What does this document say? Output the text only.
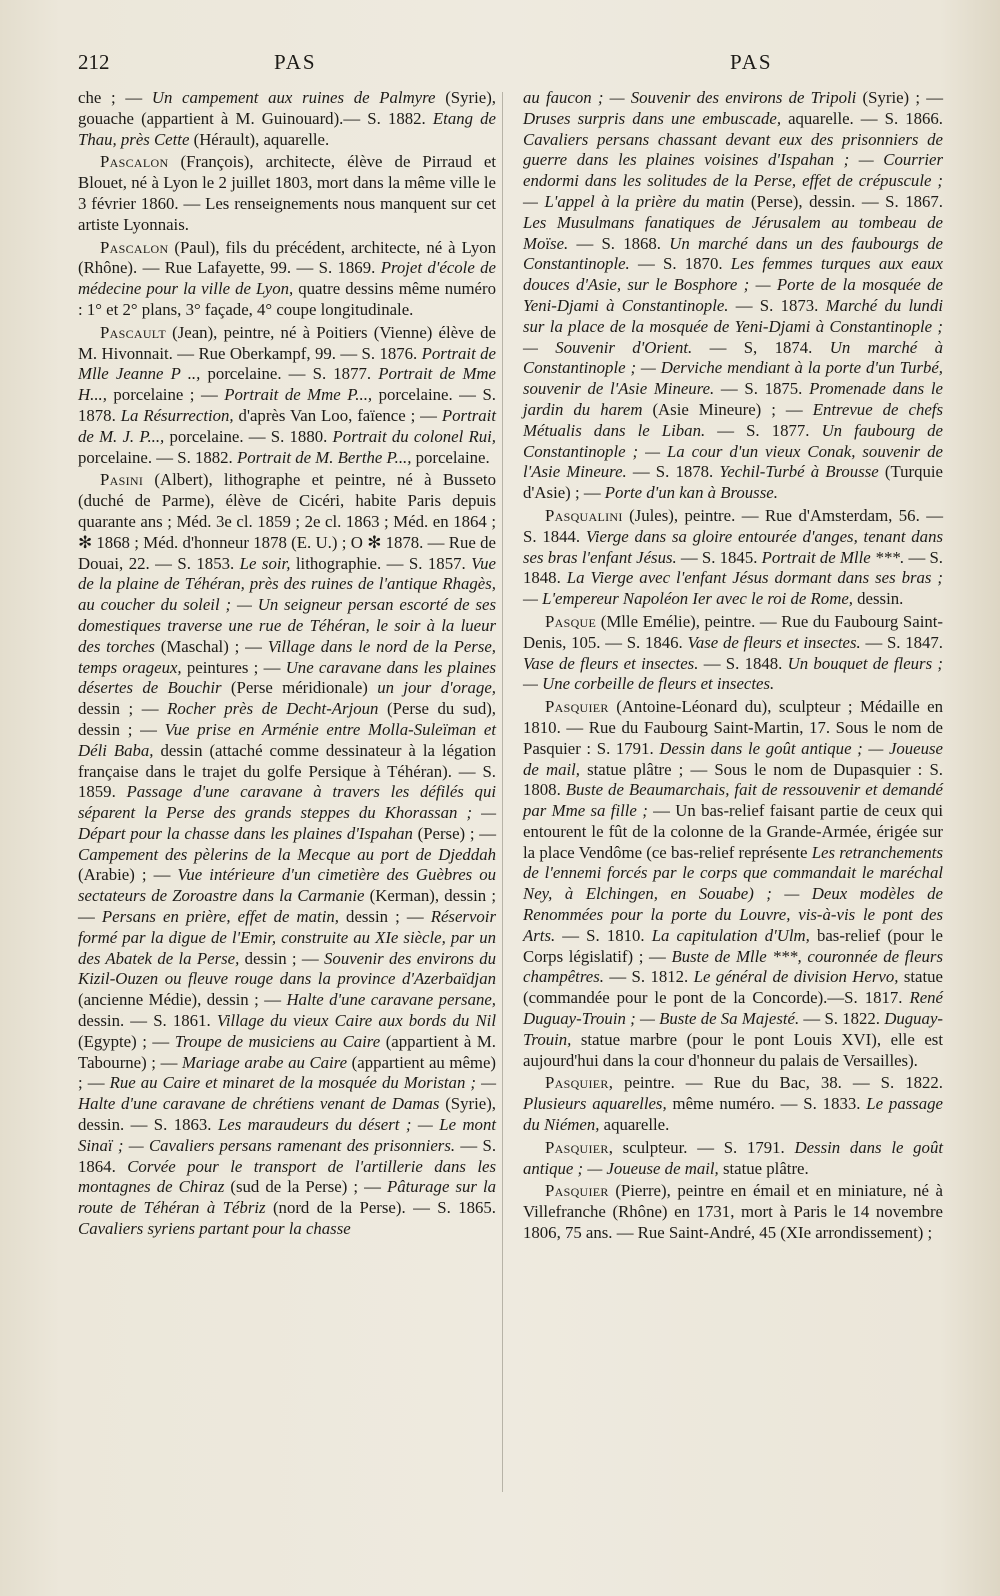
212	PAS	PAS

che ; — Un campement aux ruines de Palmyre (Syrie), gouache (appartient à M. Guinouard).— S. 1882. Etang de Thau, près Cette (Hérault), aquarelle.

Pascalon (François), architecte, élève de Pirraud et Blouet, né à Lyon le 2 juillet 1803, mort dans la même ville le 3 février 1860. — Les renseignements nous manquent sur cet artiste Lyonnais.

Pascalon (Paul), fils du précédent, architecte, né à Lyon (Rhône). — Rue Lafayette, 99. — S. 1869. Projet d'école de médecine pour la ville de Lyon, quatre dessins même numéro : 1° et 2° plans, 3° façade, 4° coupe longitudinale.

Pascault (Jean), peintre, né à Poitiers (Vienne) élève de M. Hivonnait. — Rue Oberkampf, 99. — S. 1876. Portrait de Mlle Jeanne P .., porcelaine. — S. 1877. Portrait de Mme H..., porcelaine ; — Portrait de Mme P..., porcelaine. — S. 1878. La Résurrection, d'après Van Loo, faïence ; — Portrait de M. J. P..., porcelaine. — S. 1880. Portrait du colonel Rui, porcelaine. — S. 1882. Portrait de M. Berthe P..., porcelaine.

Pasini (Albert), lithographe et peintre, né à Busseto (duché de Parme), élève de Cicéri, habite Paris depuis quarante ans ; Méd. 3e cl. 1859 ; 2e cl. 1863 ; Méd. en 1864 ; ✻ 1868 ; Méd. d'honneur 1878 (E. U.) ; O ✻ 1878. — Rue de Douai, 22. — S. 1853. Le soir, lithographie. — S. 1857. Vue de la plaine de Téhéran, près des ruines de l'antique Rhagès, au coucher du soleil ; — Un seigneur persan escorté de ses domestiques traverse une rue de Téhéran, le soir à la lueur des torches (Maschal) ; — Village dans le nord de la Perse, temps orageux, peintures ; — Une caravane dans les plaines désertes de Bouchir (Perse méridionale) un jour d'orage, dessin ; — Rocher près de Decht-Arjoun (Perse du sud), dessin ; — Vue prise en Arménie entre Molla-Suleïman et Déli Baba, dessin (attaché comme dessinateur à la légation française dans le trajet du golfe Persique à Téhéran). — S. 1859. Passage d'une caravane à travers les défilés qui séparent la Perse des grands steppes du Khorassan ; — Départ pour la chasse dans les plaines d'Ispahan (Perse) ; — Campement des pèlerins de la Mecque au port de Djeddah (Arabie) ; — Vue intérieure d'un cimetière des Guèbres ou sectateurs de Zoroastre dans la Carmanie (Kerman), dessin ; — Persans en prière, effet de matin, dessin ; — Réservoir formé par la digue de l'Emir, construite au XIe siècle, par un des Abatek de la Perse, dessin ; — Souvenir des environs du Kizil-Ouzen ou fleuve rouge dans la province d'Azerbaïdjan (ancienne Médie), dessin ; — Halte d'une caravane persane, dessin. — S. 1861. Village du vieux Caire aux bords du Nil (Egypte) ; — Troupe de musiciens au Caire (appartient à M. Tabourne) ; — Mariage arabe au Caire (appartient au même) ; — Rue au Caire et minaret de la mosquée du Moristan ; — Halte d'une caravane de chrétiens venant de Damas (Syrie), dessin. — S. 1863. Les maraudeurs du désert ; — Le mont Sinaï ; — Cavaliers persans ramenant des prisonniers. — S. 1864. Corvée pour le transport de l'artillerie dans les montagnes de Chiraz (sud de la Perse) ; — Pâturage sur la route de Téhéran à Tébriz (nord de la Perse). — S. 1865. Cavaliers syriens partant pour la chasse

au faucon ; — Souvenir des environs de Tripoli (Syrie) ; — Druses surpris dans une embuscade, aquarelle. — S. 1866. Cavaliers persans chassant devant eux des prisonniers de guerre dans les plaines voisines d'Ispahan ; — Courrier endormi dans les solitudes de la Perse, effet de crépuscule ; — L'appel à la prière du matin (Perse), dessin. — S. 1867. Les Musulmans fanatiques de Jérusalem au tombeau de Moïse. — S. 1868. Un marché dans un des faubourgs de Constantinople. — S. 1870. Les femmes turques aux eaux douces d'Asie, sur le Bosphore ; — Porte de la mosquée de Yeni-Djami à Constantinople. — S. 1873. Marché du lundi sur la place de la mosquée de Yeni-Djami à Constantinople ; — Souvenir d'Orient. — S, 1874. Un marché à Constantinople ; — Derviche mendiant à la porte d'un Turbé, souvenir de l'Asie Mineure. — S. 1875. Promenade dans le jardin du harem (Asie Mineure) ; — Entrevue de chefs Métualis dans le Liban. — S. 1877. Un faubourg de Constantinople ; — La cour d'un vieux Conak, souvenir de l'Asie Mineure. — S. 1878. Yechil-Turbé à Brousse (Turquie d'Asie) ; — Porte d'un kan à Brousse.

Pasqualini (Jules), peintre. — Rue d'Amsterdam, 56. — S. 1844. Vierge dans sa gloire entourée d'anges, tenant dans ses bras l'enfant Jésus. — S. 1845. Portrait de Mlle ***. — S. 1848. La Vierge avec l'enfant Jésus dormant dans ses bras ; — L'empereur Napoléon Ier avec le roi de Rome, dessin.

Pasque (Mlle Emélie), peintre. — Rue du Faubourg Saint-Denis, 105. — S. 1846. Vase de fleurs et insectes. — S. 1847. Vase de fleurs et insectes. — S. 1848. Un bouquet de fleurs ; — Une corbeille de fleurs et insectes.

Pasquier (Antoine-Léonard du), sculpteur ; Médaille en 1810. — Rue du Faubourg Saint-Martin, 17. Sous le nom de Pasquier : S. 1791. Dessin dans le goût antique ; — Joueuse de mail, statue plâtre ; — Sous le nom de Dupasquier : S. 1808. Buste de Beaumarchais, fait de ressouvenir et demandé par Mme sa fille ; — Un bas-relief faisant partie de ceux qui entourent le fût de la colonne de la Grande-Armée, érigée sur la place Vendôme (ce bas-relief représente Les retranchements de l'ennemi forcés par le corps que commandait le maréchal Ney, à Elchingen, en Souabe) ; — Deux modèles de Renommées pour la porte du Louvre, vis-à-vis le pont des Arts. — S. 1810. La capitulation d'Ulm, bas-relief (pour le Corps législatif) ; — Buste de Mlle ***, couronnée de fleurs champêtres. — S. 1812. Le général de division Hervo, statue (commandée pour le pont de la Concorde).—S. 1817. René Duguay-Trouin ; — Buste de Sa Majesté. — S. 1822. Duguay-Trouin, statue marbre (pour le pont Louis XVI), elle est aujourd'hui dans la cour d'honneur du palais de Versailles).

Pasquier, peintre. — Rue du Bac, 38. — S. 1822. Plusieurs aquarelles, même numéro. — S. 1833. Le passage du Niémen, aquarelle.

Pasquier, sculpteur. — S. 1791. Dessin dans le goût antique ; — Joueuse de mail, statue plâtre.

Pasquier (Pierre), peintre en émail et en miniature, né à Villefranche (Rhône) en 1731, mort à Paris le 14 novembre 1806, 75 ans. — Rue Saint-André, 45 (XIe arrondissement) ;
